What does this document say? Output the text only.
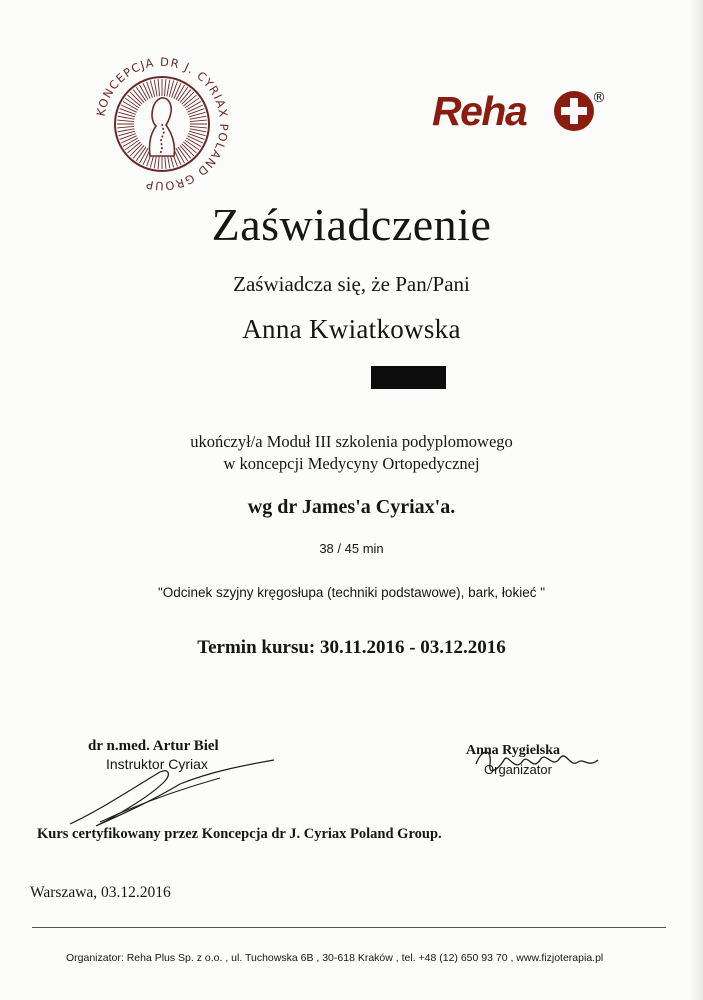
KONCEPCJA DR J. CYRIAX POLAND GROUP
Reha	®
Zaświadczenie
Zaświadcza się, że Pan/Pani
Anna Kwiatkowska
ukończył/a Moduł III szkolenia podyplomowego
w koncepcji Medycyny Ortopedycznej
wg dr James'a Cyriax'a.
38 / 45 min
"Odcinek szyjny kręgosłupa (techniki podstawowe), bark, łokieć "
Termin kursu: 30.11.2016 - 03.12.2016
dr n.med. Artur Biel
Instruktor Cyriax
Anna Rygielska
Organizator
Kurs certyfikowany przez Koncepcja dr J. Cyriax Poland Group.
Warszawa, 03.12.2016
Organizator: Reha Plus Sp. z o.o. , ul. Tuchowska 6B , 30-618 Kraków , tel. +48 (12) 650 93 70 , www.fizjoterapia.pl
